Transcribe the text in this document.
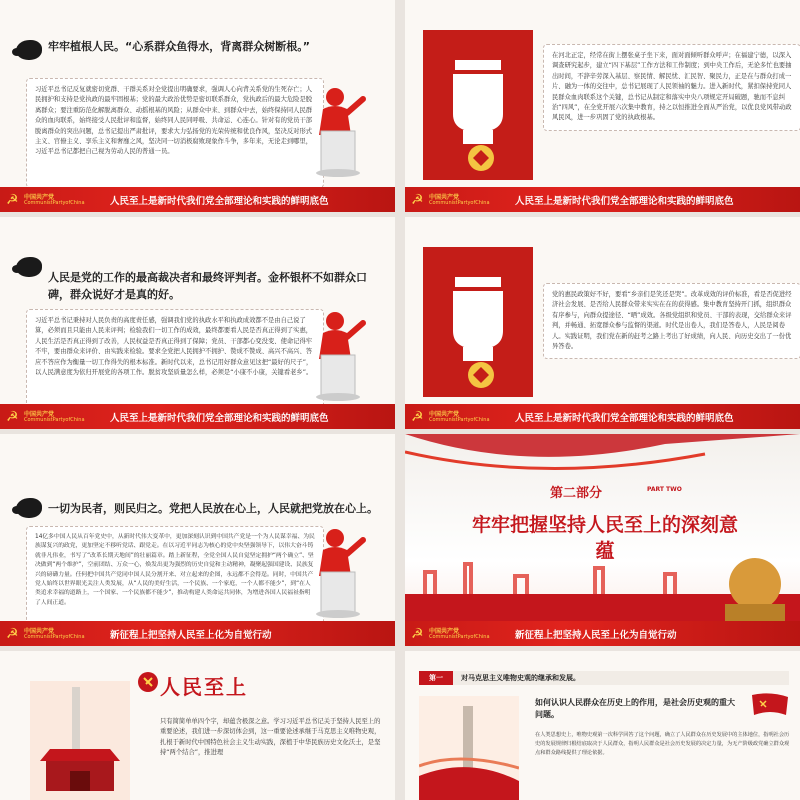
牢牢植根人民。“心系群众鱼得水，背离群众树断根。”
习近平总书记反复就密切党群、干群关系对全党提出明确要求，强调人心向背关系党的生死存亡；人民拥护和支持是党执政的最牢固根基；党的最大政治优势是密切联系群众，党执政后的最大危险是脱离群众；要注重防范化解脱离群众、动摇根基的风险；从群众中来、到群众中去，始终保持同人民群众的血肉联系，始终接受人民批评和监督，始终同人民同呼吸、共命运、心连心。针对有的党员干部脱离群众的突出问题，总书记提出严肃批评，要求大力弘扬党的光荣传统和优良作风，坚决反对形式主义、官僚主义、享乐主义和奢靡之风，坚决同一切消极腐败现象作斗争，多年来，无论走到哪里，习近平总书记都把自己视为劳动人民的普通一员。
☭ 中国共产党
CommunistPartyofChina	人民至上是新时代我们党全部理论和实践的鲜明底色
在河北正定，经常在街上摆张桌子坐下来，面对面倾听群众呼声；在福建宁德，以深入调查研究起步，建立“四下基层”工作方法和工作制度；到中央工作后，无论多忙也要抽出时间，不辞辛劳深入基层、察民情、解民忧、汇民智、聚民力，正是在与群众打成一片、融为一体的交往中，总书记展现了人民领袖的魅力。进入新时代，紧扣保持党同人民群众血肉联系这个关键，总书记从制定和落实中央八项规定开局破题，驰而不息纠治“四风”，在全党开展六次集中教育，持之以恒推进全面从严治党，以优良党风带动政风民风，进一步巩固了党的执政根基。
☭ 中国共产党
CommunistPartyofChina	人民至上是新时代我们党全部理论和实践的鲜明底色
人民是党的工作的最高裁决者和最终评判者。金杯银杯不如群众口碑，群众说好才是真的好。
习近平总书记秉持对人民负责的高度责任感，强调我们党的执政水平和执政成效都不是由自己说了算，必须而且只能由人民来评判；检验我们一切工作的成效，最终都要看人民是否真正得到了实惠，人民生活是否真正得到了改善，人民权益是否真正得到了保障；党员、干部都心变没变、使命记得牢不牢，要由群众来评价、由实践来检验。要求全党把人民拥护不拥护、赞成不赞成、高兴不高兴、答应不答应作为衡量一切工作得失的根本标准。新时代以来，总书记用好群众意见这把“最好的尺子”，以人民满意度为依归开展党的各项工作。脱贫攻坚质量怎么样，必须是“小康不小康，关键看老乡”。
☭ 中国共产党
CommunistPartyofChina	人民至上是新时代我们党全部理论和实践的鲜明底色
党的惠民政策好不好，要看“乡亲们是笑还是哭”。改革成效的评价标准，看是否促进经济社会发展、是否给人民群众带来实实在在的获得感。集中教育坚持开门抓，组织群众有序参与，向群众提途径、“晒”成效。各级党组织和党员、干部的表现，交给群众来评判，并畅通、拓宽群众参与监督的渠道。时代是出卷人，我们是答卷人，人民是阅卷人。实践证明，我们党在新的赶考之路上考出了好成绩，向人民、向历史交出了一份优异答卷。
☭ 中国共产党
CommunistPartyofChina	人民至上是新时代我们党全部理论和实践的鲜明底色
一切为民者，则民归之。党把人民放在心上，人民就把党放在心上。
14亿多中国人民从百年党史中，从新时代伟大变革中，更加深刻认识到中国共产党是一个为人民谋幸福、为民族谋复兴的政党，更加坚定不移听党话、跟党走。在以习近平同志为核心的党中央坚强领导下，以伟大奋斗铸就非凡伟业，书写了“改革长期天地间”的壮丽篇章。踏上新征程，全党全国人民自觉坚定拥护“两个确立”、坚决做到“两个维护”，空前团结、万众一心，焕发出更为强烈的历史自觉和主动精神，凝聚起强国建设、民族复兴的磅礴力量。任何把中国共产党同中国人民分割开来、对立起来的企图，永远都不会得逞。同时，中国共产党人始终以世界眼光关注人类发展，从“人民的美好生活，一个民族、一个家庭，一个人都不能少”，到“在人类追求幸福的道路上，一个国家、一个民族都不能少”，推动构建人类命运共同体，为增进各国人民福祉指明了人间正道。
☭ 中国共产党
CommunistPartyofChina	新征程上把坚持人民至上化为自觉行动
第二部分	PART TWO
牢牢把握坚持人民至上的深刻意蕴
☭ 中国共产党
CommunistPartyofChina	新征程上把坚持人民至上化为自觉行动
人民至上
只有简简单单四个字，却蕴含极深之意。学习习近平总书记关于坚持人民至上的重要论述，我们进一步深切体会到，这一重要论述承继于马克思主义唯物史观，扎根于新时代中国特色社会主义生动实践，深植于中华民族历史文化沃土，是坚持“两个结合”，推进理
第一	对马克思主义唯物史观的继承和发展。
如何认识人民群众在历史上的作用，是社会历史观的重大问题。
在人类思想史上，唯物史观第一次科学回答了这个问题，确立了人民群众在历史发展中的主体地位，指明社会历史的发展规律归根结底取决于人民群众，指明人民群众是社会历史发展的决定力量，为无产阶级政党确立群众观点和群众路线提供了理论依据。
